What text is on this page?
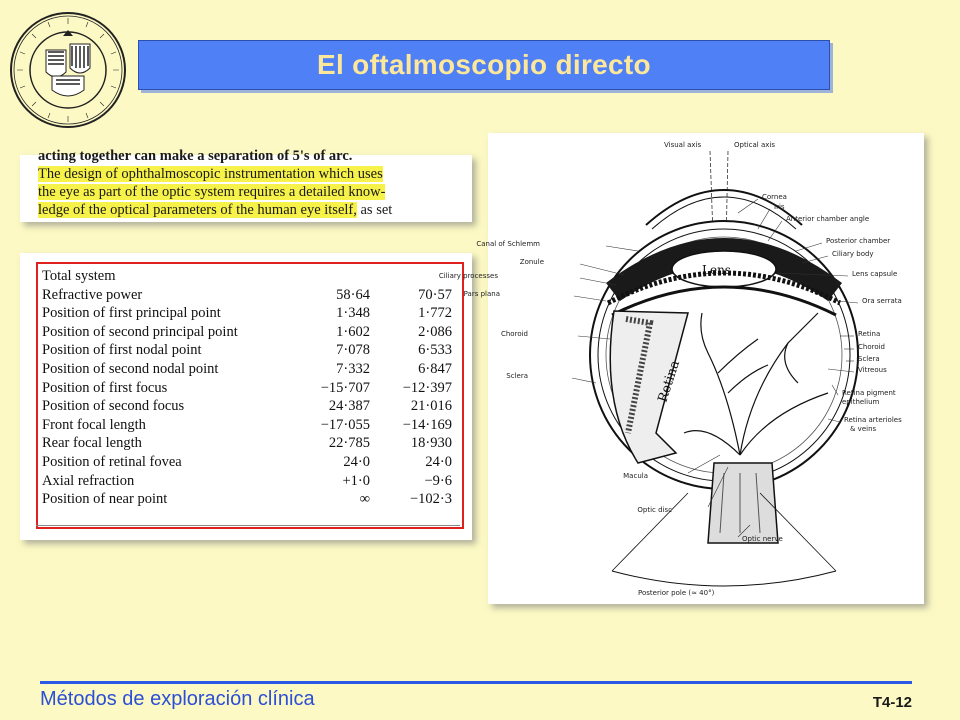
El oftalmoscopio directo
acting together can make a separation of 5's of arc.
The design of ophthalmoscopic instrumentation which uses
the eye as part of the optic system requires a detailed know-
ledge of the optical parameters of the human eye itself, as set
Total system		
Refractive power	58·64	70·57
Position of first principal point	1·348	1·772
Position of second principal point	1·602	2·086
Position of first nodal point	7·078	6·533
Position of second nodal point	7·332	6·847
Position of first focus	−15·707	−12·397
Position of second focus	24·387	21·016
Front focal length	−17·055	−14·169
Rear focal length	22·785	18·930
Position of retinal fovea	24·0	24·0
Axial refraction	+1·0	−9·6
Position of near point	∞	−102·3
Lens
Retina
Visual axis	Optical axis
Posterior pole (≈ 40°)
Canal of Schlemm
Zonule
Ciliary processes
Pars plana
Choroid
Sclera
Macula
Optic disc
Cornea
Iris
Anterior chamber angle
Posterior chamber
Ciliary body
Lens capsule
Ora serrata
Retina
Choroid
Sclera
Vitreous
Retina pigment
epithelium
Retina arterioles
& veins
Optic nerve
Métodos de exploración clínica	T4-12
